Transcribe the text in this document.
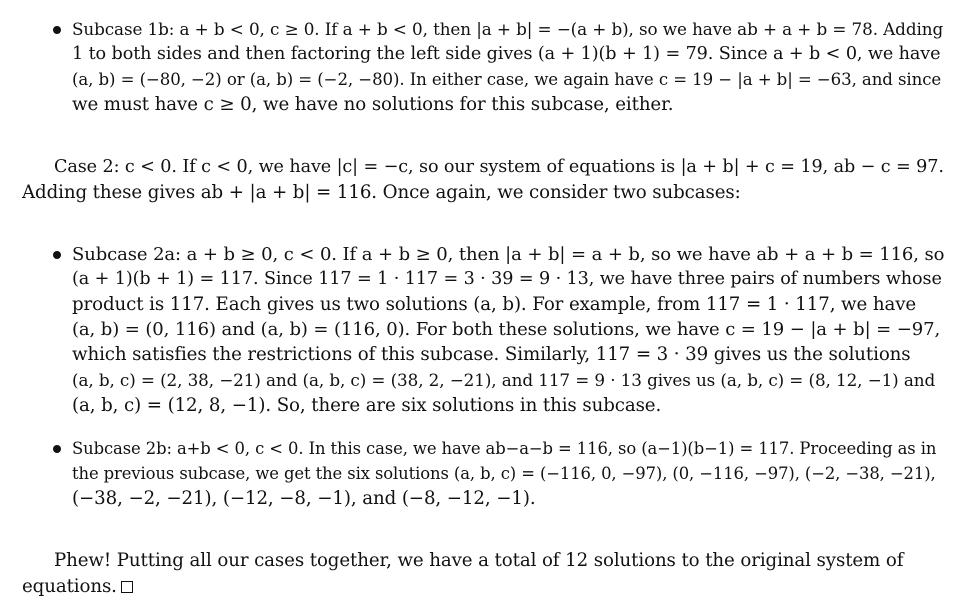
Subcase 1b: a + b < 0, c ≥ 0. If a + b < 0, then |a + b| = −(a + b), so we have ab + a + b = 78. Adding
1 to both sides and then factoring the left side gives (a + 1)(b + 1) = 79. Since a + b < 0, we have
(a, b) = (−80, −2) or (a, b) = (−2, −80). In either case, we again have c = 19 − |a + b| = −63, and since
we must have c ≥ 0, we have no solutions for this subcase, either.
Case 2: c < 0. If c < 0, we have |c| = −c, so our system of equations is |a + b| + c = 19, ab − c = 97.
Adding these gives ab + |a + b| = 116. Once again, we consider two subcases:
Subcase 2a: a + b ≥ 0, c < 0. If a + b ≥ 0, then |a + b| = a + b, so we have ab + a + b = 116, so
(a + 1)(b + 1) = 117. Since 117 = 1 · 117 = 3 · 39 = 9 · 13, we have three pairs of numbers whose
product is 117. Each gives us two solutions (a, b). For example, from 117 = 1 · 117, we have
(a, b) = (0, 116) and (a, b) = (116, 0). For both these solutions, we have c = 19 − |a + b| = −97,
which satisfies the restrictions of this subcase. Similarly, 117 = 3 · 39 gives us the solutions
(a, b, c) = (2, 38, −21) and (a, b, c) = (38, 2, −21), and 117 = 9 · 13 gives us (a, b, c) = (8, 12, −1) and
(a, b, c) = (12, 8, −1). So, there are six solutions in this subcase.
Subcase 2b: a+b < 0, c < 0. In this case, we have ab−a−b = 116, so (a−1)(b−1) = 117. Proceeding as in
the previous subcase, we get the six solutions (a, b, c) = (−116, 0, −97), (0, −116, −97), (−2, −38, −21),
(−38, −2, −21), (−12, −8, −1), and (−8, −12, −1).
Phew! Putting all our cases together, we have a total of 12 solutions to the original system of
equations.
